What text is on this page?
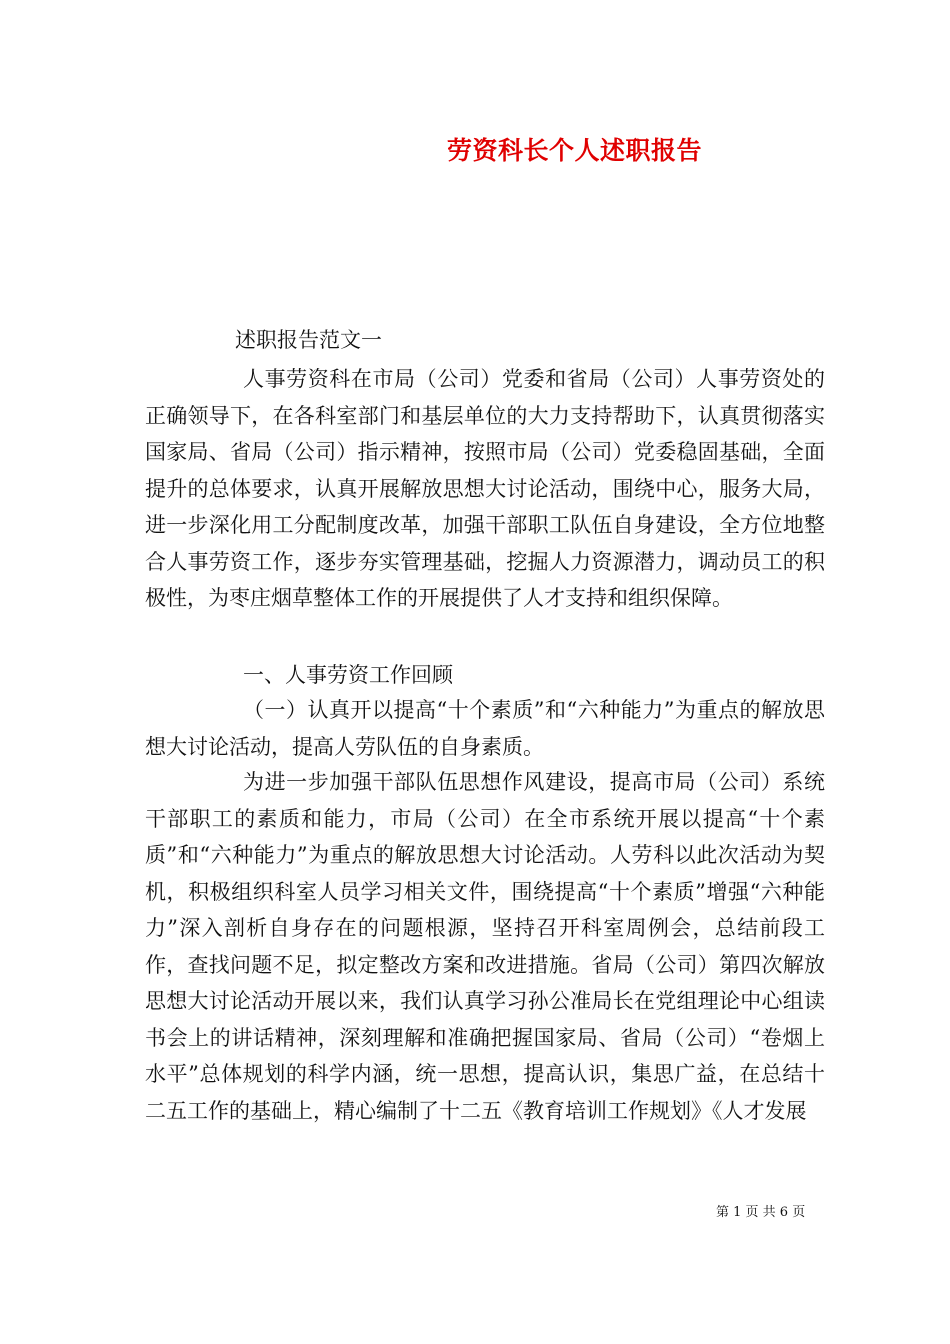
劳资科长个人述职报告
述职报告范文一

人事劳资科在市局（公司）党委和省局（公司）人事劳资处的正确领导下，在各科室部门和基层单位的大力支持帮助下，认真贯彻落实国家局、省局（公司）指示精神，按照市局（公司）党委稳固基础，全面提升的总体要求，认真开展解放思想大讨论活动，围绕中心，服务大局，进一步深化用工分配制度改革，加强干部职工队伍自身建设，全方位地整合人事劳资工作，逐步夯实管理基础，挖掘人力资源潜力，调动员工的积极性，为枣庄烟草整体工作的开展提供了人才支持和组织保障。

一、人事劳资工作回顾

（一）认真开以提高“十个素质”和“六种能力”为重点的解放思想大讨论活动，提高人劳队伍的自身素质。

为进一步加强干部队伍思想作风建设，提高市局（公司）系统干部职工的素质和能力，市局（公司）在全市系统开展以提高“十个素质”和“六种能力”为重点的解放思想大讨论活动。人劳科以此次活动为契机，积极组织科室人员学习相关文件，围绕提高“十个素质”增强“六种能力”深入剖析自身存在的问题根源，坚持召开科室周例会，总结前段工作，查找问题不足，拟定整改方案和改进措施。省局（公司）第四次解放思想大讨论活动开展以来，我们认真学习孙公准局长在党组理论中心组读书会上的讲话精神，深刻理解和准确把握国家局、省局（公司）“卷烟上水平”总体规划的科学内涵，统一思想，提高认识，集思广益，在总结十二五工作的基础上，精心编制了十二五《教育培训工作规划》《人才发展

第 1 页 共 6 页
